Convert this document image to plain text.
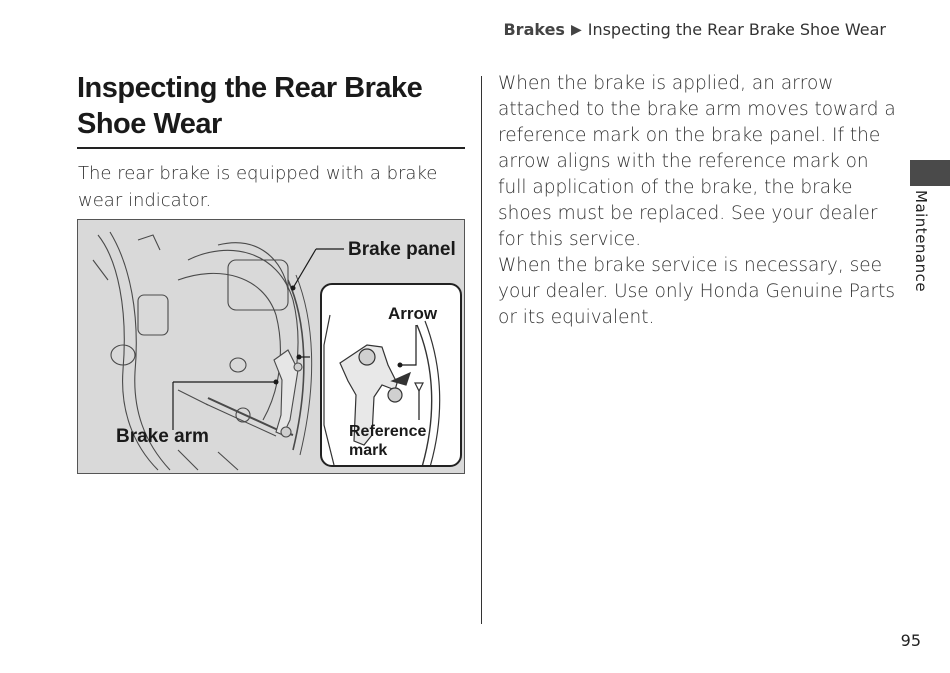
Brakes ▶ Inspecting the Rear Brake Shoe Wear
Inspecting the Rear Brake Shoe Wear

The rear brake is equipped with a brake wear indicator.

Brake panel
Brake arm
Arrow
Reference mark

When the brake is applied, an arrow attached to the brake arm moves toward a reference mark on the brake panel. If the arrow aligns with the reference mark on full application of the brake, the brake shoes must be replaced. See your dealer for this service.

When the brake service is necessary, see your dealer. Use only Honda Genuine Parts or its equivalent.

Maintenance
95
